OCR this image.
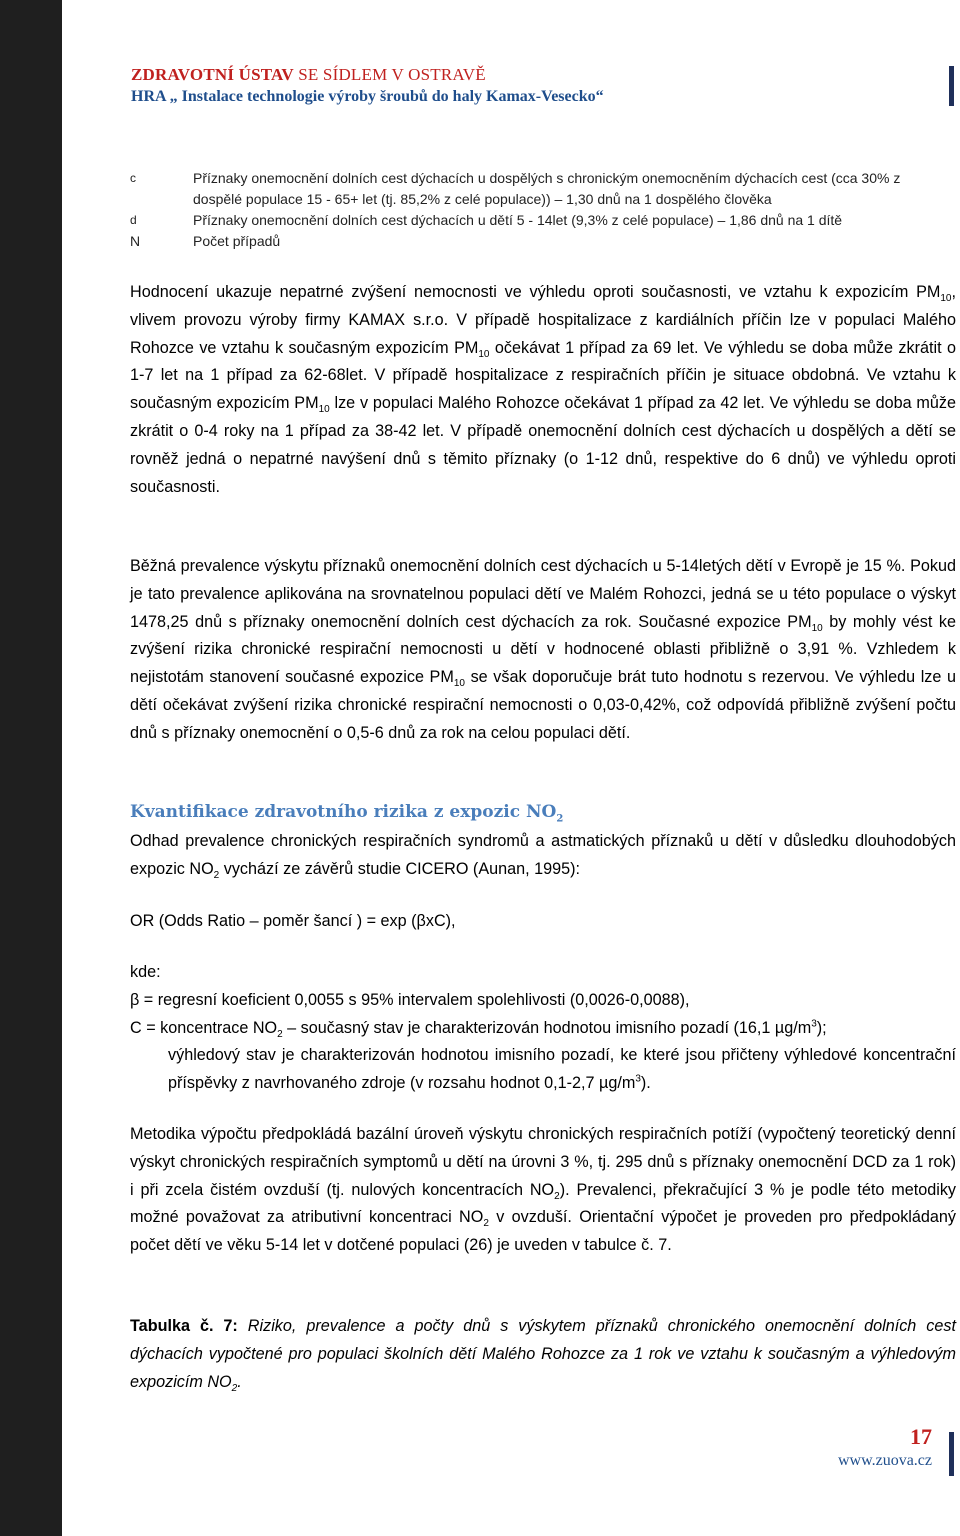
ZDRAVOTNÍ ÚSTAV SE SÍDLEM V OSTRAVĚ
HRA „ Instalace technologie výroby šroubů do haly Kamax-Vesecko“
c	Příznaky onemocnění dolních cest dýchacích u dospělých s chronickým onemocněním dýchacích cest (cca 30% z dospělé populace 15 - 65+ let (tj. 85,2% z celé populace)) – 1,30 dnů na 1 dospělého člověka
d	Příznaky onemocnění dolních cest dýchacích u dětí 5 - 14let (9,3% z celé populace) – 1,86 dnů na 1 dítě
N	Počet případů
Hodnocení ukazuje nepatrné zvýšení nemocnosti ve výhledu oproti současnosti, ve vztahu k expozicím $PM_{10}$, vlivem provozu výroby firmy KAMAX s.r.o. V případě hospitalizace z kardiálních příčin lze v populaci Malého Rohozce ve vztahu k současným expozicím $PM_{10}$ očekávat 1 případ za 69 let. Ve výhledu se doba může zkrátit o 1-7 let na 1 případ za 62-68let. V případě hospitalizace z respiračních příčin je situace obdobná. Ve vztahu k současným expozicím $PM_{10}$ lze v populaci Malého Rohozce očekávat 1 případ za 42 let. Ve výhledu se doba může zkrátit o 0-4 roky na 1 případ za 38-42 let. V případě onemocnění dolních cest dýchacích u dospělých a dětí se rovněž jedná o nepatrné navýšení dnů s těmito příznaky (o 1-12 dnů, respektive do 6 dnů) ve výhledu oproti současnosti.
Běžná prevalence výskytu příznaků onemocnění dolních cest dýchacích u 5-14letých dětí v Evropě je 15 %. Pokud je tato prevalence aplikována na srovnatelnou populaci dětí ve Malém Rohozci, jedná se u této populace o výskyt 1478,25 dnů s příznaky onemocnění dolních cest dýchacích za rok. Současné expozice $PM_{10}$ by mohly vést ke zvýšení rizika chronické respirační nemocnosti u dětí v hodnocené oblasti přibližně o 3,91 %. Vzhledem k nejistotám stanovení současné expozice $PM_{10}$ se však doporučuje brát tuto hodnotu s rezervou. Ve výhledu lze u dětí očekávat zvýšení rizika chronické respirační nemocnosti o 0,03-0,42%, což odpovídá přibližně zvýšení počtu dnů s příznaky onemocnění o 0,5-6 dnů za rok na celou populaci dětí.
Kvantifikace zdravotního rizika z expozic $NO_2$
Odhad prevalence chronických respiračních syndromů a astmatických příznaků u dětí v důsledku dlouhodobých expozic $NO_2$ vychází ze závěrů studie CICERO (Aunan, 1995):
OR (Odds Ratio – poměr šancí ) = exp (βxC),
kde:
β = regresní koeficient 0,0055 s 95% intervalem spolehlivosti (0,0026-0,0088),
C = koncentrace $NO_2$ – současný stav je charakterizován hodnotou imisního pozadí (16,1 $\mu g/m^3$);
výhledový stav je charakterizován hodnotou imisního pozadí, ke které jsou přičteny výhledové koncentrační příspěvky z navrhovaného zdroje (v rozsahu hodnot 0,1-2,7 $\mu g/m^3$).
Metodika výpočtu předpokládá bazální úroveň výskytu chronických respiračních potíží (vypočtený teoretický denní výskyt chronických respiračních symptomů u dětí na úrovni 3 %, tj. 295 dnů s příznaky onemocnění DCD za 1 rok) i při zcela čistém ovzduší (tj. nulových koncentracích $NO_2$). Prevalenci, překračující 3 % je podle této metodiky možné považovat za atributivní koncentraci $NO_2$ v ovzduší. Orientační výpočet je proveden pro předpokládaný počet dětí ve věku 5-14 let v dotčené populaci (26) je uveden v tabulce č. 7.
Tabulka č. 7: Riziko, prevalence a počty dnů s výskytem příznaků chronického onemocnění dolních cest dýchacích vypočtené pro populaci školních dětí Malého Rohozce za 1 rok ve vztahu k současným a výhledovým expozicím $NO_2$.
17
www.zuova.cz
